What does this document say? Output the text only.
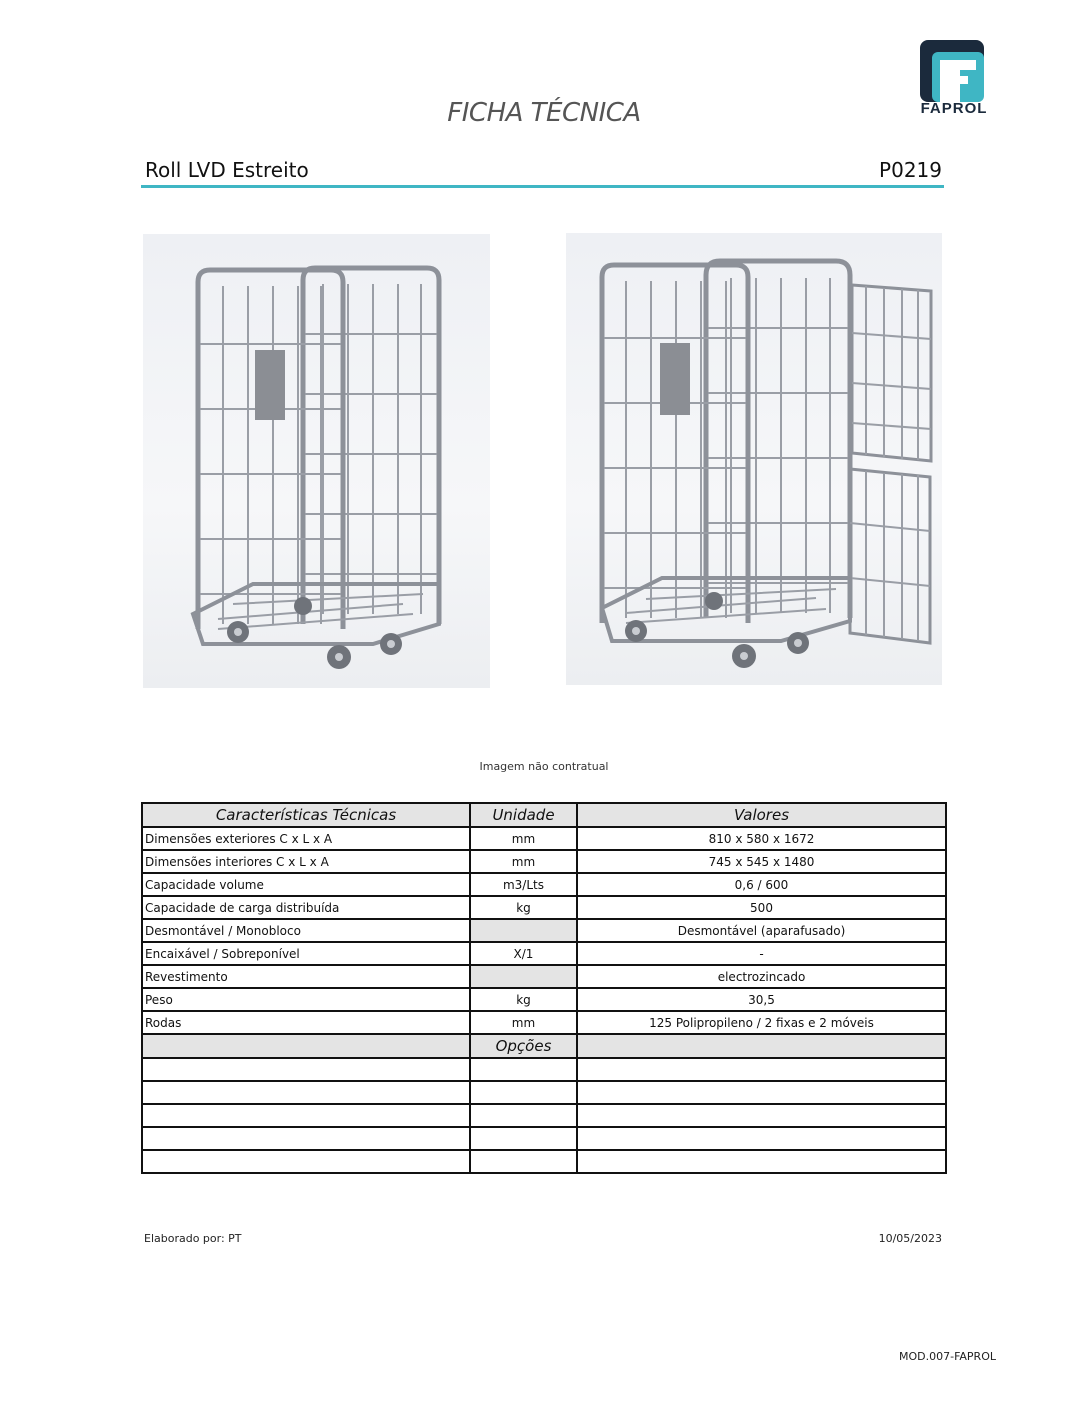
FICHA TÉCNICA	FAPROL
Roll LVD Estreito	P0219
Imagem não contratual
Características Técnicas	Unidade	Valores
Dimensões exteriores C x L x A	mm	810 x 580 x 1672
Dimensões interiores C x L x A	mm	745 x 545 x 1480
Capacidade volume	m3/Lts	0,6 / 600
Capacidade de carga distribuída	kg	500
Desmontável / Monobloco		Desmontável (aparafusado)
Encaixável / Sobreponível	X/1	-
Revestimento		electrozincado
Peso	kg	30,5
Rodas	mm	125 Polipropileno / 2 fixas e 2 móveis
	Opções	

Elaborado por: PT	10/05/2023
MOD.007-FAPROL
